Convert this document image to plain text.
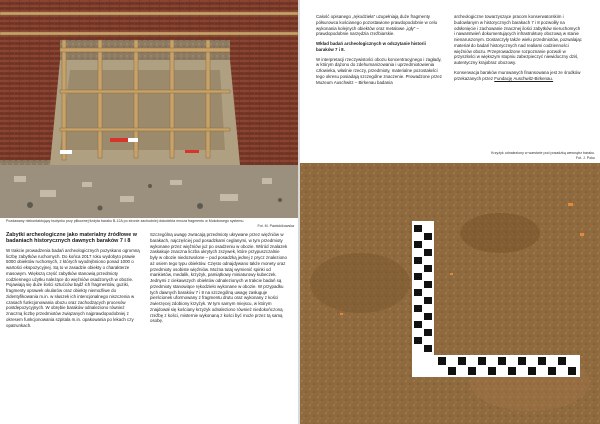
Pozdawany niekontaktujący budynku przy plikownej fizdyta baraku B-12A po stronie zachodniej dokodekta mnoza fragmentu w Mokołowego systemu.
Fot. M. Pawlokikowska
Zabytki archeologiczne jako materialny źródłowe w badaniach historycznych dawnych baraków 7 i 8

W trakcie prowadzenia badań archeologicznych pozyskano ogromną liczbę zabytków ruchomych. Do końca 2017 roku wydobyto prawie 5000 obiektów ruchomych, z których wyodrębniono ponad 1000 o wartości ekspozycyjnej. Są to w zasadzie obiekty o charakterze masowym. Większą część zabytków stanowią przedmioty codziennego użytku należące do więźniów osadzonych w obozie. Pojawiają się duże ilości sztućców bądź ich fragmentów, guziki, fragmenty oprawek okularów oraz obiekty niemożliwe do zidentyfikowania m.in. w słuszek ich intencjonalnego niszczenia w czasach funkcjonowania obozu oraz zachodzących procesów postdepozycyjnych. W obrębie baraków odnaleziono również znaczną liczbę przedmiotów związanych najprawdopodobniej z okresem funkcjonowania szpitala m.in. opakowania po lekach czy opatrunkach.

Szczególną uwagę zwracają przedmioty ukrywane przez więźniów w barakach, najczęściej pod posadzkami ceglanymi, w tym przedmioty wykonane przez więźniów już po osadzeniu w obozie. Wśród znalazek zaskakuje znaczna liczba ukrytych zszywek, które przypuszczalnie były w obozie niedozwolone – pod posadzką jednej z prycz znaleziono aż osiem tego typu obiektów. Często odnajdywano także monety oraz przedmioty osobiste więźniów. Można tutaj wymienić spinki od mankietów, medalik, krzyżyk, pamiątkowy miniaturowy kubeczek. Jednymi z ciekawszych obiektów odnalezionych w trakcie badań są przedmioty stanowiące rękodzieło wykonane w obozie. W przypadku tych dawnych baraków 7 i 8 na szczególną uwagę zasługuje pierścionek uformowany z fragmentu drutu oraz wykonany z kości zwierzęcej zdobiony krzyżyk. W tym samym miejscu, w którym znajdował się kościany krzyżyk odnaleziono również niedokończoną rzeźbę z kości, misternie wykonaną z kości być może przez tą samą osobę.

Całość opisanego „rękodzieła” uzupełniają duże fragmenty półsurowca kościanego pozostawione prawdopodobnie w celu wykonania kolejnych obiektów oraz metalowe „igły” – prawdopodobnie narzędzia rzeźbiarskie.

Wkład badań archeologicznych w odczytanie historii baraków 7 i 8.

W interpretacji rzeczywistości obozu koncentracyjnego i zagłady, w którym dążono do zdehumanizowania i uprzedmiotowienia człowieka, właśnie rzeczy, przedmioty, materialne pozostałości tego okresu posiadają szczególne znaczenie. Prowadzone przez Muzeum Auschwitz – Birkenau badania

archeologiczne towarzyszące pracom konserwatorskim i budowlanym w historycznych barakach 7 i 8 pozwoliły na odsłonięcie i zachowanie znacznej ilości zabytków nieruchomych i nawarstwień dokumentujących infrastrukturę obozową w stanie nienaruszonym. Dostarczyły także wielu przedmiotów, pozwalając materiał do badań historycznych nad realiami codzienności więźniów obozu. Przeprowadzone rozpoznanie pozwoli w przyszłości w większym stopniu zabezpieczyć niewidoczny dziś, autentyczny krajobraz obozowy.

Konserwacja baraków murowanych finansowana jest ze środków przekazanych przez Fundację Auschwitz-Birkenau.

Krzyżyk odnaleziony w warstwie pod posadzką wewnątrz baraku.
Fot. J. Poku
